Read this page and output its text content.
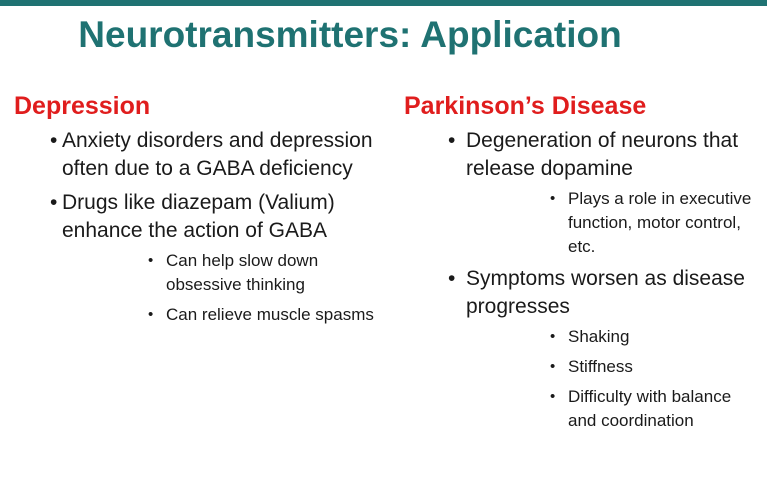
Neurotransmitters: Application
Depression
• Anxiety disorders and depression often due to a GABA deficiency
• Drugs like diazepam (Valium) enhance the action of GABA
• Can help slow down obsessive thinking
• Can relieve muscle spasms
Parkinson’s Disease
• Degeneration of neurons that release dopamine
• Plays a role in executive function, motor control, etc.
• Symptoms worsen as disease progresses
• Shaking
• Stiffness
• Difficulty with balance and coordination
